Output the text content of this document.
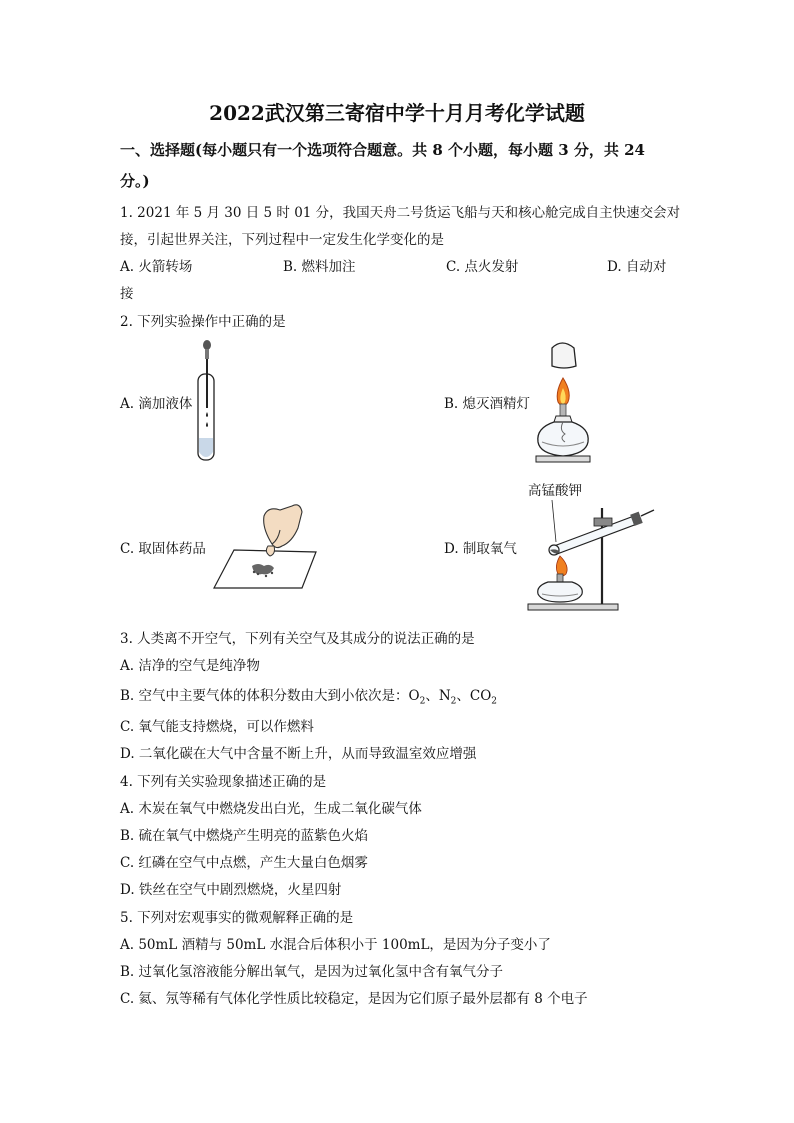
2022武汉第三寄宿中学十月月考化学试题
一、选择题(每小题只有一个选项符合题意。共 8 个小题，每小题 3 分，共 24
分。)
1. 2021 年 5 月 30 日 5 时 01 分，我国天舟二号货运飞船与天和核心舱完成自主快速交会对
接，引起世界关注，下列过程中一定发生化学变化的是
A. 火箭转场	B. 燃料加注	C. 点火发射	D. 自动对
接
2. 下列实验操作中正确的是
A. 滴加液体	B. 熄灭酒精灯
C. 取固体药品	D. 制取氧气
高锰酸钾
3. 人类离不开空气，下列有关空气及其成分的说法正确的是
A. 洁净的空气是纯净物
B. 空气中主要气体的体积分数由大到小依次是：$O_2$、$N_2$、$CO_2$
C. 氧气能支持燃烧，可以作燃料
D. 二氧化碳在大气中含量不断上升，从而导致温室效应增强
4. 下列有关实验现象描述正确的是
A. 木炭在氧气中燃烧发出白光，生成二氧化碳气体
B. 硫在氧气中燃烧产生明亮的蓝紫色火焰
C. 红磷在空气中点燃，产生大量白色烟雾
D. 铁丝在空气中剧烈燃烧，火星四射
5. 下列对宏观事实的微观解释正确的是
A. 50mL 酒精与 50mL 水混合后体积小于 100mL，是因为分子变小了
B. 过氧化氢溶液能分解出氧气，是因为过氧化氢中含有氧气分子
C. 氦、氖等稀有气体化学性质比较稳定，是因为它们原子最外层都有 8 个电子
